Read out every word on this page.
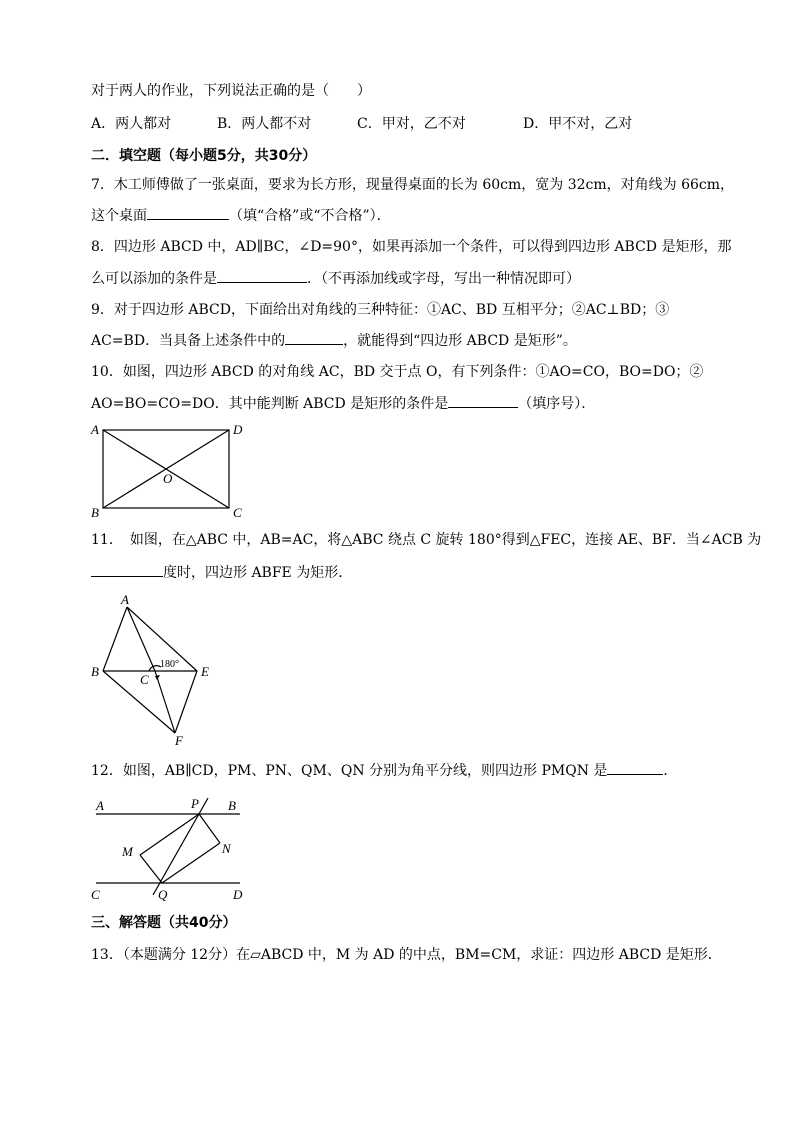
对于两人的作业，下列说法正确的是（　　）
A．两人都对	B．两人都不对	C．甲对，乙不对	D．甲不对，乙对
二．填空题（每小题5分，共30分）
7．木工师傅做了一张桌面，要求为长方形，现量得桌面的长为 60cm，宽为 32cm，对角线为 66cm，
这个桌面	（填“合格”或“不合格”）．
8．四边形 ABCD 中，AD∥BC，∠D=90°，如果再添加一个条件，可以得到四边形 ABCD 是矩形，那
么可以添加的条件是	．（不再添加线或字母，写出一种情况即可）
9．对于四边形 ABCD，下面给出对角线的三种特征：①AC、BD 互相平分；②AC⊥BD；③
AC=BD．当具备上述条件中的	，就能得到“四边形 ABCD 是矩形”。
10．如图，四边形 ABCD 的对角线 AC，BD 交于点 O，有下列条件：①AO=CO，BO=DO；②
AO=BO=CO=DO．其中能判断 ABCD 是矩形的条件是	（填序号）．
A	D
O
B	C
11．　如图，在△ABC 中，AB=AC，将△ABC 绕点 C 旋转 180°得到△FEC，连接 AE、BF．当∠ACB 为
度时，四边形 ABFE 为矩形．
A
B
C
E
F
180°
12．如图，AB∥CD，PM、PN、QM、QN 分别为角平分线，则四边形 PMQN 是	．
A	P B
M	N
C	Q	D
三、解答题（共40分）
13．（本题满分 12分）在▱ABCD 中，M 为 AD 的中点，BM=CM，求证：四边形 ABCD 是矩形．
